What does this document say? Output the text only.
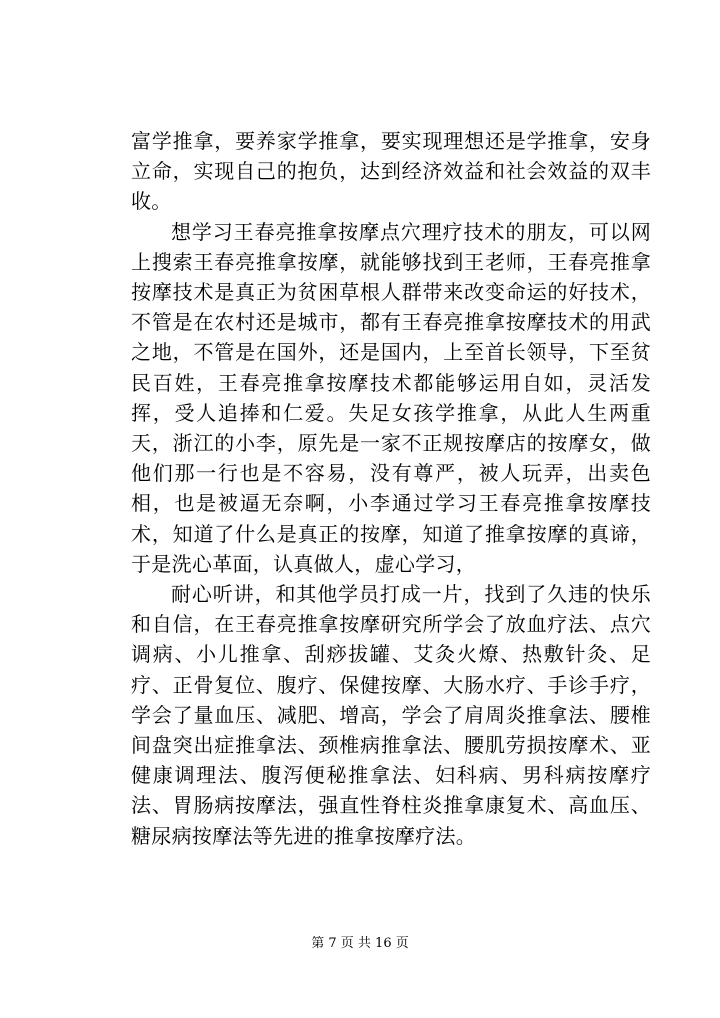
富学推拿，要养家学推拿，要实现理想还是学推拿，安身立命，实现自己的抱负，达到经济效益和社会效益的双丰收。

想学习王春亮推拿按摩点穴理疗技术的朋友，可以网上搜索王春亮推拿按摩，就能够找到王老师，王春亮推拿按摩技术是真正为贫困草根人群带来改变命运的好技术，不管是在农村还是城市，都有王春亮推拿按摩技术的用武之地，不管是在国外，还是国内，上至首长领导，下至贫民百姓，王春亮推拿按摩技术都能够运用自如，灵活发挥，受人追捧和仁爱。失足女孩学推拿，从此人生两重天，浙江的小李，原先是一家不正规按摩店的按摩女，做他们那一行也是不容易，没有尊严，被人玩弄，出卖色相，也是被逼无奈啊，小李通过学习王春亮推拿按摩技术，知道了什么是真正的按摩，知道了推拿按摩的真谛，于是洗心革面，认真做人，虚心学习，

耐心听讲，和其他学员打成一片，找到了久违的快乐和自信，在王春亮推拿按摩研究所学会了放血疗法、点穴调病、小儿推拿、刮痧拔罐、艾灸火燎、热敷针灸、足疗、正骨复位、腹疗、保健按摩、大肠水疗、手诊手疗，学会了量血压、减肥、增高，学会了肩周炎推拿法、腰椎间盘突出症推拿法、颈椎病推拿法、腰肌劳损按摩术、亚健康调理法、腹泻便秘推拿法、妇科病、男科病按摩疗法、胃肠病按摩法，强直性脊柱炎推拿康复术、高血压、糖尿病按摩法等先进的推拿按摩疗法。

第 7 页 共 16 页
